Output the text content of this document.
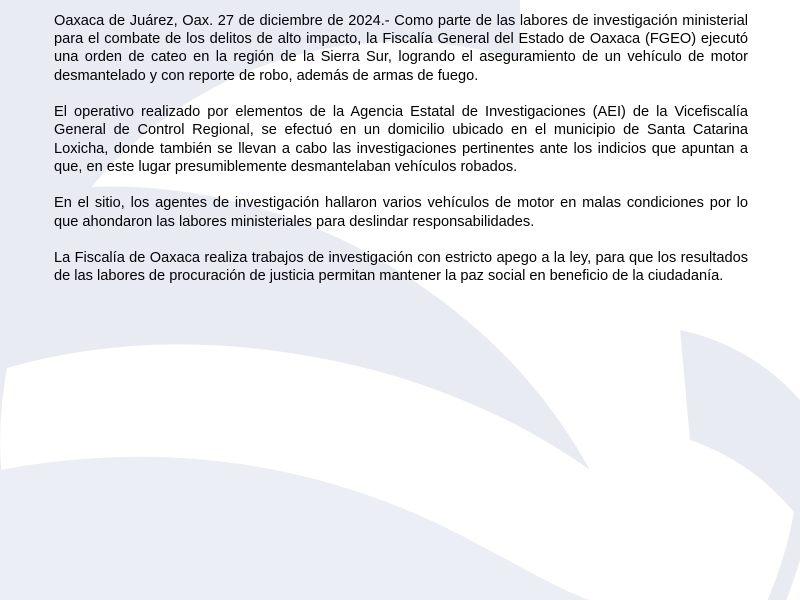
Oaxaca de Juárez, Oax. 27 de diciembre de 2024.- Como parte de las labores de investigación ministerial para el combate de los delitos de alto impacto, la Fiscalía General del Estado de Oaxaca (FGEO) ejecutó una orden de cateo en la región de la Sierra Sur, logrando el aseguramiento de un vehículo de motor desmantelado y con reporte de robo, además de armas de fuego.

El operativo realizado por elementos de la Agencia Estatal de Investigaciones (AEI) de la Vicefiscalía General de Control Regional, se efectuó en un domicilio ubicado en el municipio de Santa Catarina Loxicha, donde también se llevan a cabo las investigaciones pertinentes ante los indicios que apuntan a que, en este lugar presumiblemente desmantelaban vehículos robados.

En el sitio, los agentes de investigación hallaron varios vehículos de motor en malas condiciones por lo que ahondaron las labores ministeriales para deslindar responsabilidades.

La Fiscalía de Oaxaca realiza trabajos de investigación con estricto apego a la ley, para que los resultados de las labores de procuración de justicia permitan mantener la paz social en beneficio de la ciudadanía.
